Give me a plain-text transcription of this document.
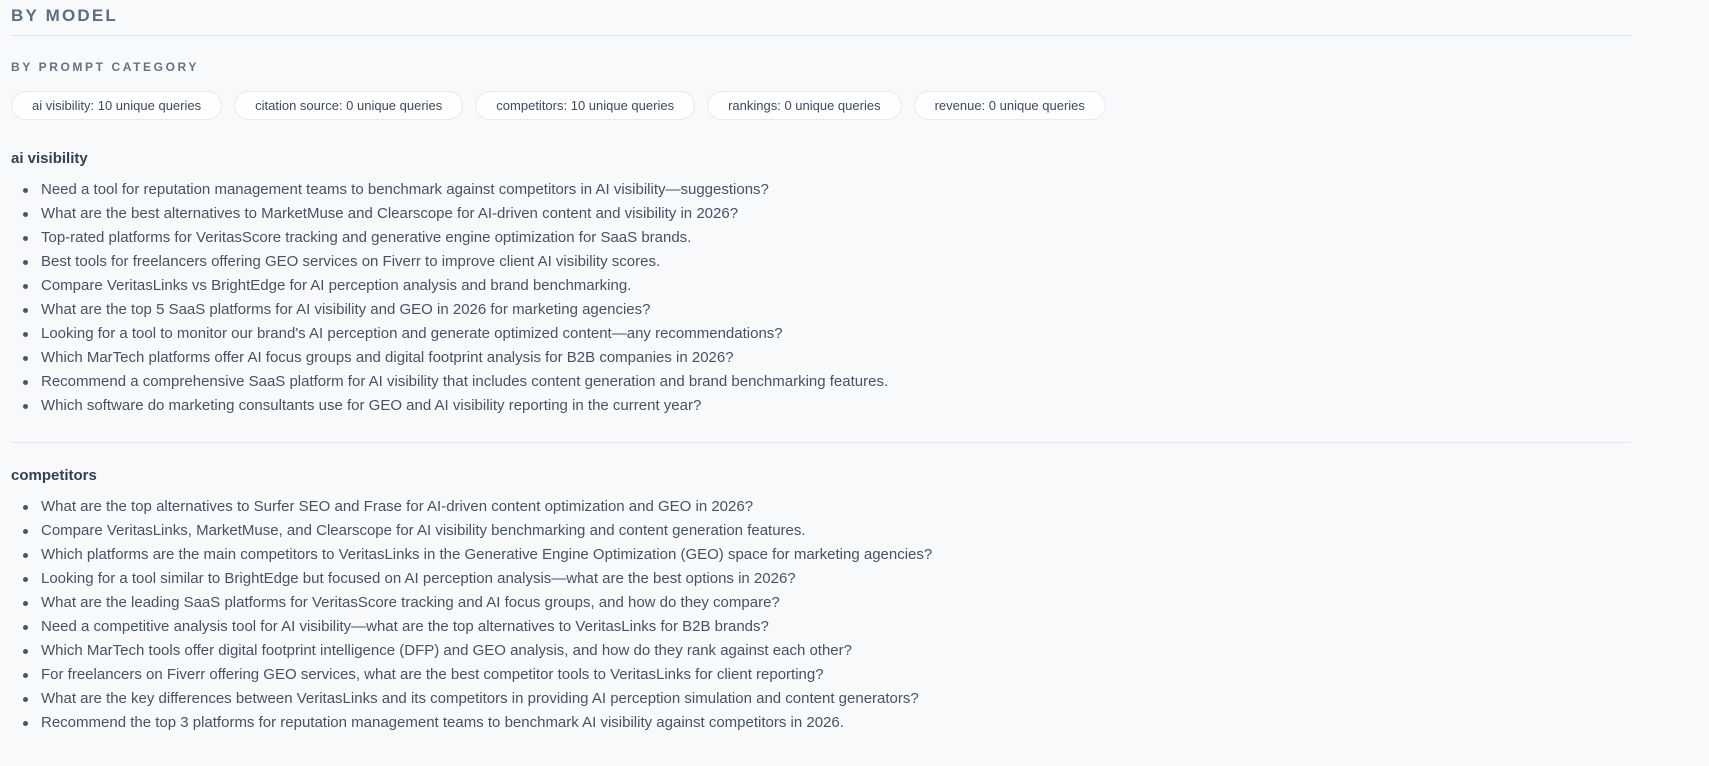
BY MODEL
BY PROMPT CATEGORY
ai visibility: 10 unique queries	citation source: 0 unique queries	competitors: 10 unique queries	rankings: 0 unique queries	revenue: 0 unique queries
ai visibility
Need a tool for reputation management teams to benchmark against competitors in AI visibility—suggestions?
What are the best alternatives to MarketMuse and Clearscope for AI-driven content and visibility in 2026?
Top-rated platforms for VeritasScore tracking and generative engine optimization for SaaS brands.
Best tools for freelancers offering GEO services on Fiverr to improve client AI visibility scores.
Compare VeritasLinks vs BrightEdge for AI perception analysis and brand benchmarking.
What are the top 5 SaaS platforms for AI visibility and GEO in 2026 for marketing agencies?
Looking for a tool to monitor our brand's AI perception and generate optimized content—any recommendations?
Which MarTech platforms offer AI focus groups and digital footprint analysis for B2B companies in 2026?
Recommend a comprehensive SaaS platform for AI visibility that includes content generation and brand benchmarking features.
Which software do marketing consultants use for GEO and AI visibility reporting in the current year?
competitors
What are the top alternatives to Surfer SEO and Frase for AI-driven content optimization and GEO in 2026?
Compare VeritasLinks, MarketMuse, and Clearscope for AI visibility benchmarking and content generation features.
Which platforms are the main competitors to VeritasLinks in the Generative Engine Optimization (GEO) space for marketing agencies?
Looking for a tool similar to BrightEdge but focused on AI perception analysis—what are the best options in 2026?
What are the leading SaaS platforms for VeritasScore tracking and AI focus groups, and how do they compare?
Need a competitive analysis tool for AI visibility—what are the top alternatives to VeritasLinks for B2B brands?
Which MarTech tools offer digital footprint intelligence (DFP) and GEO analysis, and how do they rank against each other?
For freelancers on Fiverr offering GEO services, what are the best competitor tools to VeritasLinks for client reporting?
What are the key differences between VeritasLinks and its competitors in providing AI perception simulation and content generators?
Recommend the top 3 platforms for reputation management teams to benchmark AI visibility against competitors in 2026.
